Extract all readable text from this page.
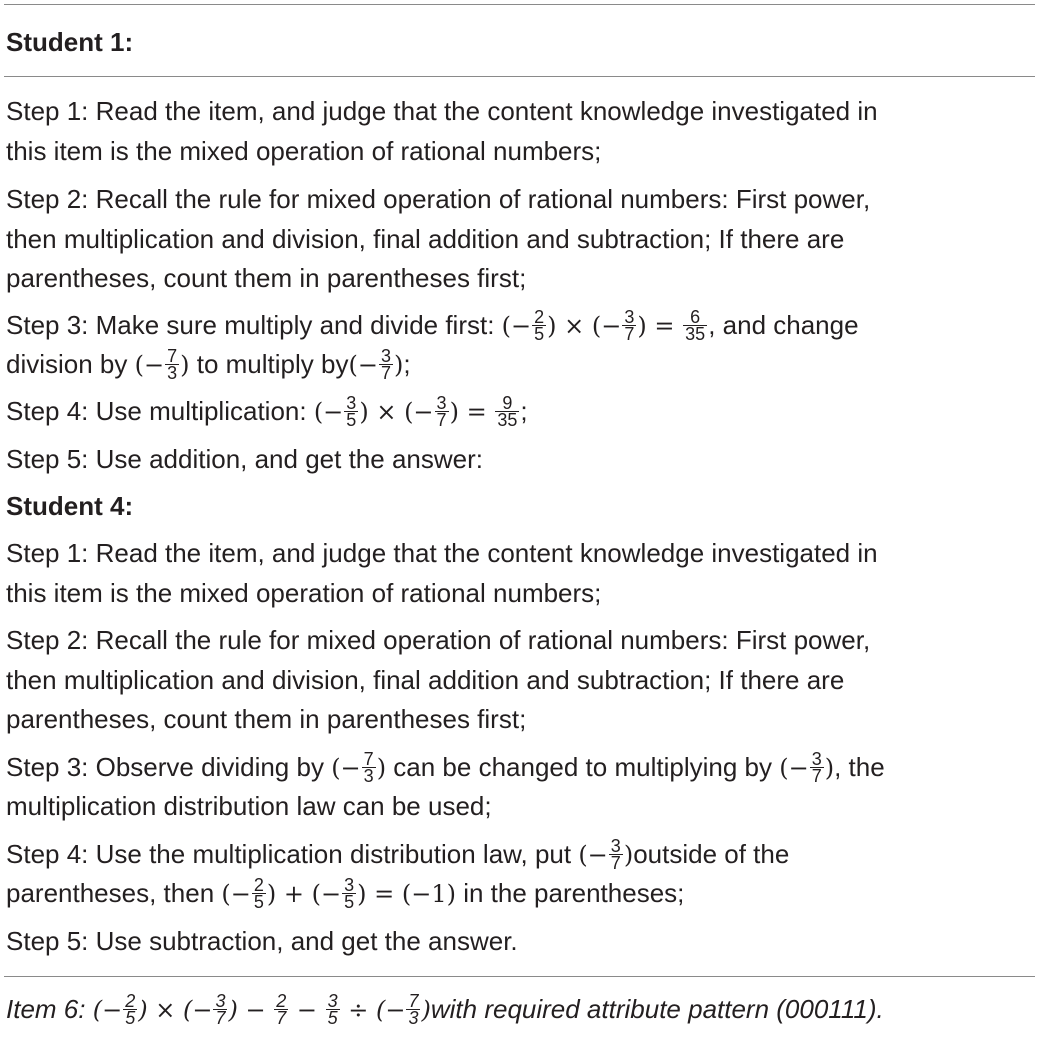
Student 1:
Step 1: Read the item, and judge that the content knowledge investigated in
this item is the mixed operation of rational numbers;
Step 2: Recall the rule for mixed operation of rational numbers: First power,
then multiplication and division, final addition and subtraction; If there are
parentheses, count them in parentheses first;
Step 3: Make sure multiply and divide first: (− $\frac{2}{5}$ ) × (− $\frac{3}{7}$ ) = $\frac{6}{35}$ , and change
division by (− $\frac{7}{3}$ ) to multiply $by(- \frac{3}{7}$ );
Step 4: Use multiplication: (− $\frac{3}{5}$ ) × (− $\frac{3}{7}$ ) = $\frac{9}{35}$ ;
Step 5: Use addition, and get the answer:
Student 4:
Step 1: Read the item, and judge that the content knowledge investigated in
this item is the mixed operation of rational numbers;
Step 2: Recall the rule for mixed operation of rational numbers: First power,
then multiplication and division, final addition and subtraction; If there are
parentheses, count them in parentheses first;
Step 3: Observe dividing by (− $\frac{7}{3}$ ) can be changed to multiplying by (− $\frac{3}{7}$ ), the
multiplication distribution law can be used;
Step 4: Use the multiplication distribution law, put (− $\frac{3}{7}$ )outside of the
parentheses, then (− $\frac{2}{5}$ ) + (− $\frac{3}{5}$ ) = (−1) in the parentheses;
Step 5: Use subtraction, and get the answer.
Item 6: (− $\frac{2}{5}$ ) × (− $\frac{3}{7}$ ) − $\frac{2}{7} - \frac{3}{5}$ ÷ (− $\frac{7}{3}$ )with required attribute pattern (000111).
